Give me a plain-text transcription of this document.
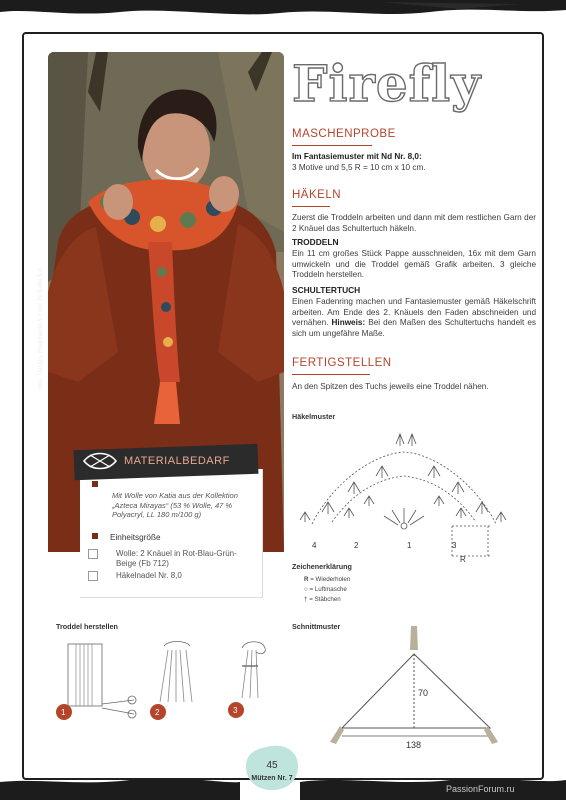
Idee, Design, Realisation & Foto: Fil Katia S.A.
Firefly
MASCHENPROBE
Im Fantasiemuster mit Nd Nr. 8,0:
3 Motive und 5,5 R = 10 cm x 10 cm.
HÄKELN
Zuerst die Troddeln arbeiten und dann mit dem restlichen Garn der 2 Knäuel das Schultertuch häkeln.
TRODDELN
Ein 11 cm großes Stück Pappe ausschneiden, 16x mit dem Garn umwickeln und die Troddel gemäß Grafik arbeiten. 3 gleiche Troddeln herstellen.
SCHULTERTUCH
Einen Fadenring machen und Fantasiemuster gemäß Häkelschrift arbeiten. Am Ende des 2. Knäuels den Faden abschneiden und vernähen. Hinweis: Bei den Maßen des Schultertuchs handelt es sich um ungefähre Maße.
FERTIGSTELLEN
An den Spitzen des Tuchs jeweils eine Troddel nähen.
Häkelmuster
4	2	1	3
R
Zeichenerklärung
R = Wiederholen
○ = Luftmasche
† = Stäbchen
MATERIALBEDARF
Mit Wolle von Katia aus der Kollektion „Azteca Mirayas“ (53 % Wolle, 47 % Polyacryl, LL 180 m/100 g)
Einheitsgröße
Wolle: 2 Knäuel in Rot-Blau-Grün-Beige (Fb 712)
Häkelnadel Nr. 8,0
Troddel herstellen
1	2	3
Schnittmuster
70
138
45
Mützen Nr. 7
PassionForum.ru
